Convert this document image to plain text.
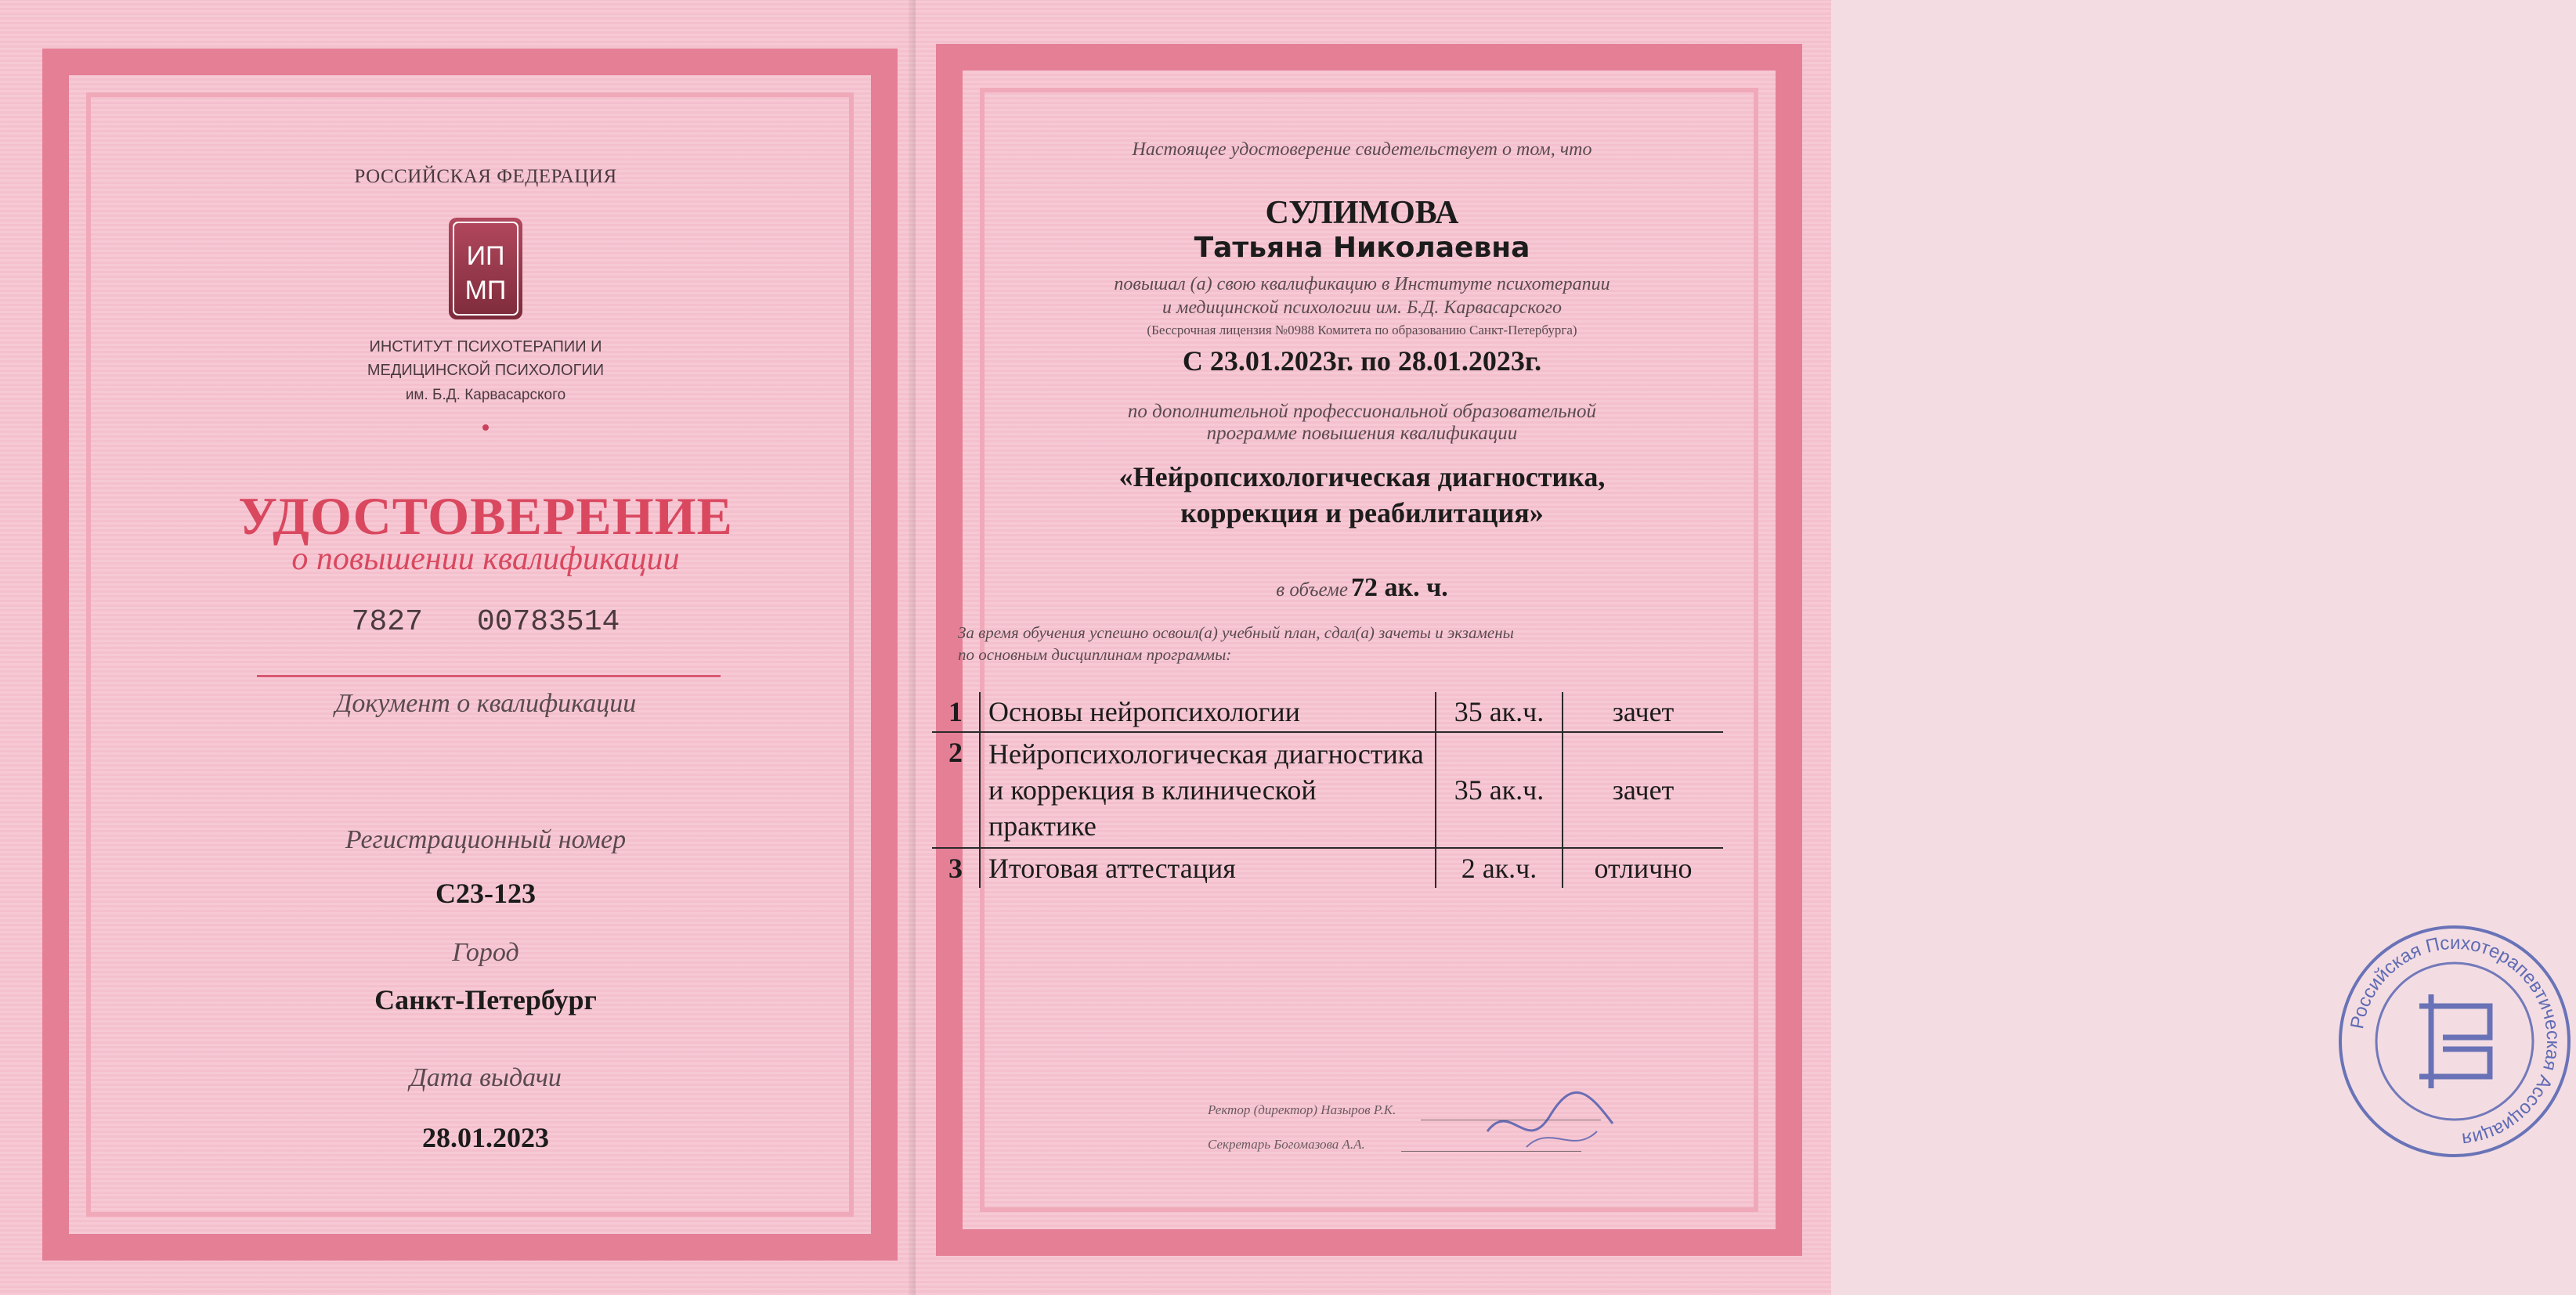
РОССИЙСКАЯ ФЕДЕРАЦИЯ
ИП
МП
ИНСТИТУТ ПСИХОТЕРАПИИ И
МЕДИЦИНСКОЙ ПСИХОЛОГИИ
им. Б.Д. Карвасарского
УДОСТОВЕРЕНИЕ
о повышении квалификации
7827 00783514
Документ о квалификации
Регистрационный номер
С23-123
Город
Санкт-Петербург
Дата выдачи
28.01.2023
Настоящее удостоверение свидетельствует о том, что
СУЛИМОВА
Татьяна Николаевна
повышал (а) свою квалификацию в Институте психотерапии
и медицинской психологии им. Б.Д. Карвасарского
(Бессрочная лицензия №0988 Комитета по образованию Санкт-Петербурга)
С 23.01.2023г. по 28.01.2023г.
по дополнительной профессиональной образовательной
программе повышения квалификации
«Нейропсихологическая диагностика,
коррекция и реабилитация»
в объеме 72 ак. ч.
За время обучения успешно освоил(а) учебный план, сдал(а) зачеты и экзамены
по основным дисциплинам программы:
Российская Психотерапевтическая Ассоциация
Ректор (директор) Назыров Р.К.
Секретарь Богомазова А.А.
1	Основы нейропсихологии	35 ак.ч.	зачет
2	Нейропсихологическая диагностика и коррекция в клинической практике	35 ак.ч.	зачет
3	Итоговая аттестация	2 ак.ч.	отлично
